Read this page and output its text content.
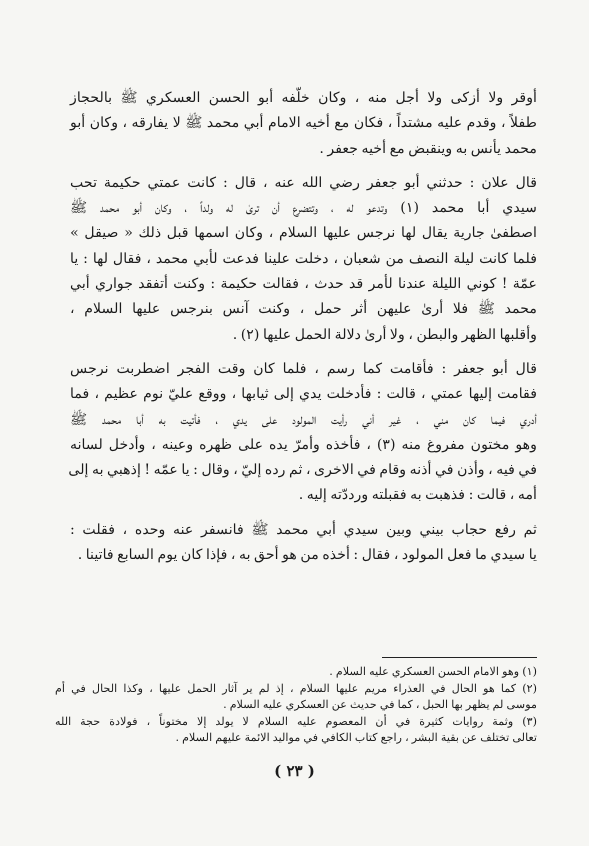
أوقر ولا أزكى ولا أجل منه ، وكان خلّفه أبو الحسن العسكري ﷺ بالحجاز
طفلاً ، وقدم عليه مشتداً ، فكان مع أخيه الامام أبي محمد ﷺ لا يفارقه ، وكان أبو
محمد يأنس به وينقبض مع أخيه جعفر .
قال علان : حدثني أبو جعفر رضي الله عنه ، قال : كانت عمتي حكيمة تحب
سيدي أبا محمد (١) وتدعو له ، وتتضرع أن ترىٰ له ولداً ، وكان أبو محمد ﷺ
اصطفىٰ جارية يقال لها نرجس عليها السلام ، وكان اسمها قبل ذلك « صيقل »
فلما كانت ليلة النصف من شعبان ، دخلت علينا فدعت لأبي محمد ، فقال لها : يا
عمّة ! كوني الليلة عندنا لأمر قد حدث ، فقالت حكيمة : وكنت أتفقد جواري أبي
محمد ﷺ فلا أرىٰ عليهن أثر حمل ، وكنت آنس بنرجس عليها السلام ،
وأقلبها الظهر والبطن ، ولا أرىٰ دلالة الحمل عليها (٢) .
قال أبو جعفر : فأقامت كما رسم ، فلما كان وقت الفجر اضطربت نرجس
فقامت إليها عمتي ، قالت : فأدخلت يدي إلى ثيابها ، ووقع عليّ نوم عظيم ، فما
أدري فيما كان مني ، غير أني رأيت المولود على يدي ، فأتيت به أبا محمد ﷺ
وهو مختون مفروغ منه (٣) ، فأخذه وأمرّ يده على ظهره وعينه ، وأدخل لسانه
في فيه ، وأذن في أذنه وقام في الاخرى ، ثم رده إليّ ، وقال : يا عمّه ! إذهبي به إلى
أمه ، قالت : فذهبت به فقبلته ورددّته إليه .
ثم رفع حجاب بيني وبين سيدي أبي محمد ﷺ فانسفر عنه وحده ، فقلت :
يا سيدي ما فعل المولود ، فقال : أخذه من هو أحق به ، فإذا كان يوم السابع فاتينا .
(١) وهو الامام الحسن العسكري عليه السلام .
(٢) كما هو الحال في العذراء مريم عليها السلام ، إذ لم ير آثار الحمل عليها ، وكذا الحال في أم
موسى لم يظهر بها الحبل ، كما في حديث عن العسكري عليه السلام .
(٣) وثمة روايات كثيرة في أن المعصوم عليه السلام لا يولد إلا مختوناً ، فولادة حجة الله
تعالى تختلف عن بقية البشر ، راجع كتاب الكافي في مواليد الائمة عليهم السلام .
( ٢٣ )
